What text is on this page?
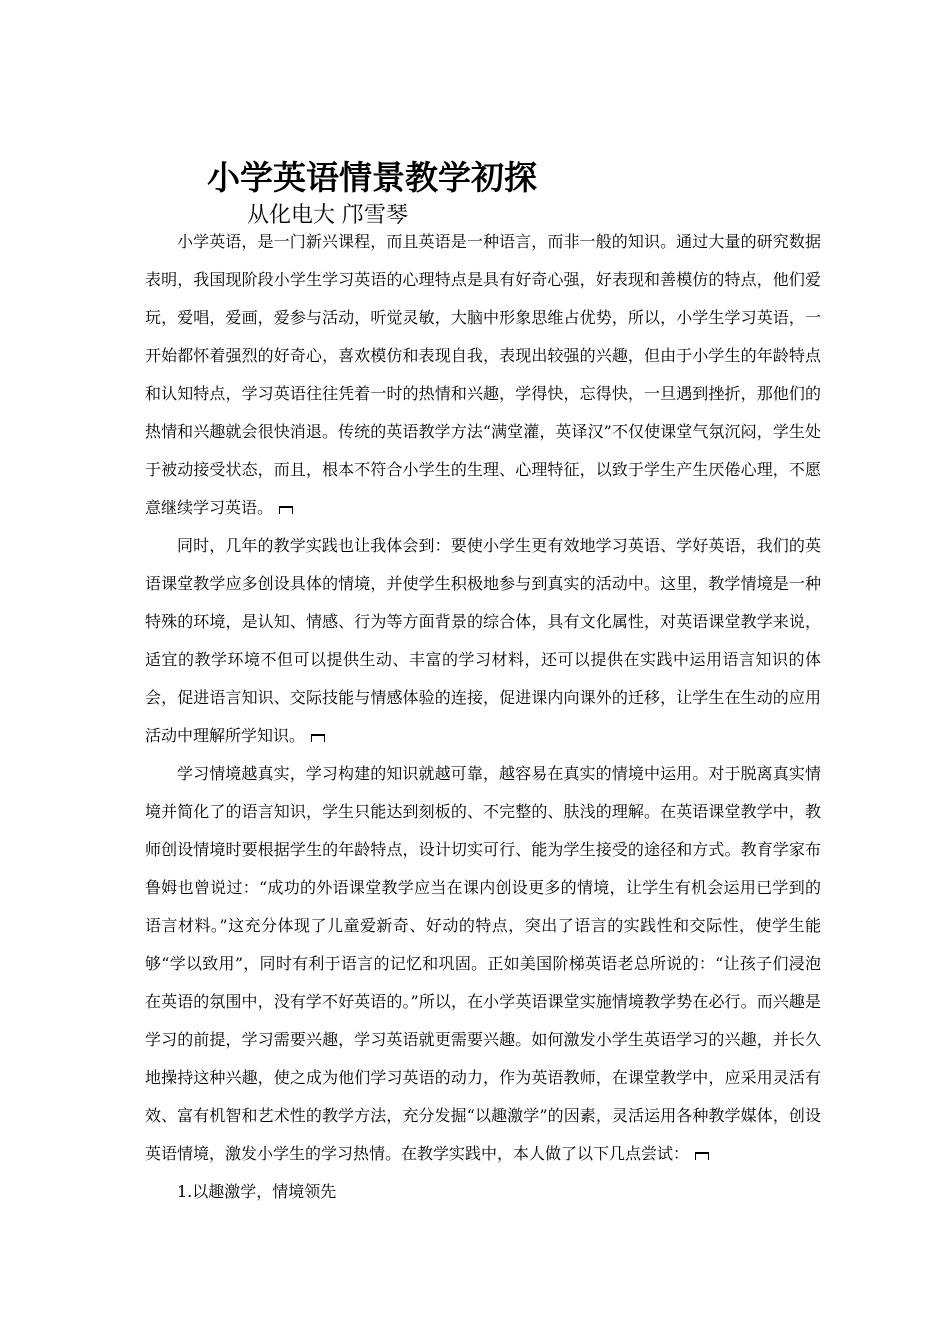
小学英语情景教学初探
从化电大 邝雪琴

小学英语，是一门新兴课程，而且英语是一种语言，而非一般的知识。通过大量的研究数据表明，我国现阶段小学生学习英语的心理特点是具有好奇心强，好表现和善模仿的特点，他们爱玩，爱唱，爱画，爱参与活动，听觉灵敏，大脑中形象思维占优势，所以，小学生学习英语，一开始都怀着强烈的好奇心，喜欢模仿和表现自我，表现出较强的兴趣，但由于小学生的年龄特点和认知特点，学习英语往往凭着一时的热情和兴趣，学得快，忘得快，一旦遇到挫折，那他们的热情和兴趣就会很快消退。传统的英语教学方法“满堂灌，英译汉”不仅使课堂气氛沉闷，学生处于被动接受状态，而且，根本不符合小学生的生理、心理特征，以致于学生产生厌倦心理，不愿意继续学习英语。

同时，几年的教学实践也让我体会到：要使小学生更有效地学习英语、学好英语，我们的英语课堂教学应多创设具体的情境，并使学生积极地参与到真实的活动中。这里，教学情境是一种特殊的环境，是认知、情感、行为等方面背景的综合体，具有文化属性，对英语课堂教学来说，适宜的教学环境不但可以提供生动、丰富的学习材料，还可以提供在实践中运用语言知识的体会，促进语言知识、交际技能与情感体验的连接，促进课内向课外的迁移，让学生在生动的应用活动中理解所学知识。

学习情境越真实，学习构建的知识就越可靠，越容易在真实的情境中运用。对于脱离真实情境并简化了的语言知识，学生只能达到刻板的、不完整的、肤浅的理解。在英语课堂教学中，教师创设情境时要根据学生的年龄特点，设计切实可行、能为学生接受的途径和方式。教育学家布鲁姆也曾说过：“成功的外语课堂教学应当在课内创设更多的情境，让学生有机会运用已学到的语言材料。”这充分体现了儿童爱新奇、好动的特点，突出了语言的实践性和交际性，使学生能够“学以致用”，同时有利于语言的记忆和巩固。正如美国阶梯英语老总所说的：“让孩子们浸泡在英语的氛围中，没有学不好英语的。”所以，在小学英语课堂实施情境教学势在必行。而兴趣是学习的前提，学习需要兴趣，学习英语就更需要兴趣。如何激发小学生英语学习的兴趣，并长久地操持这种兴趣，使之成为他们学习英语的动力，作为英语教师，在课堂教学中，应采用灵活有效、富有机智和艺术性的教学方法，充分发掘“以趣激学”的因素，灵活运用各种教学媒体，创设英语情境，激发小学生的学习热情。在教学实践中，本人做了以下几点尝试：

1.以趣激学，情境领先
